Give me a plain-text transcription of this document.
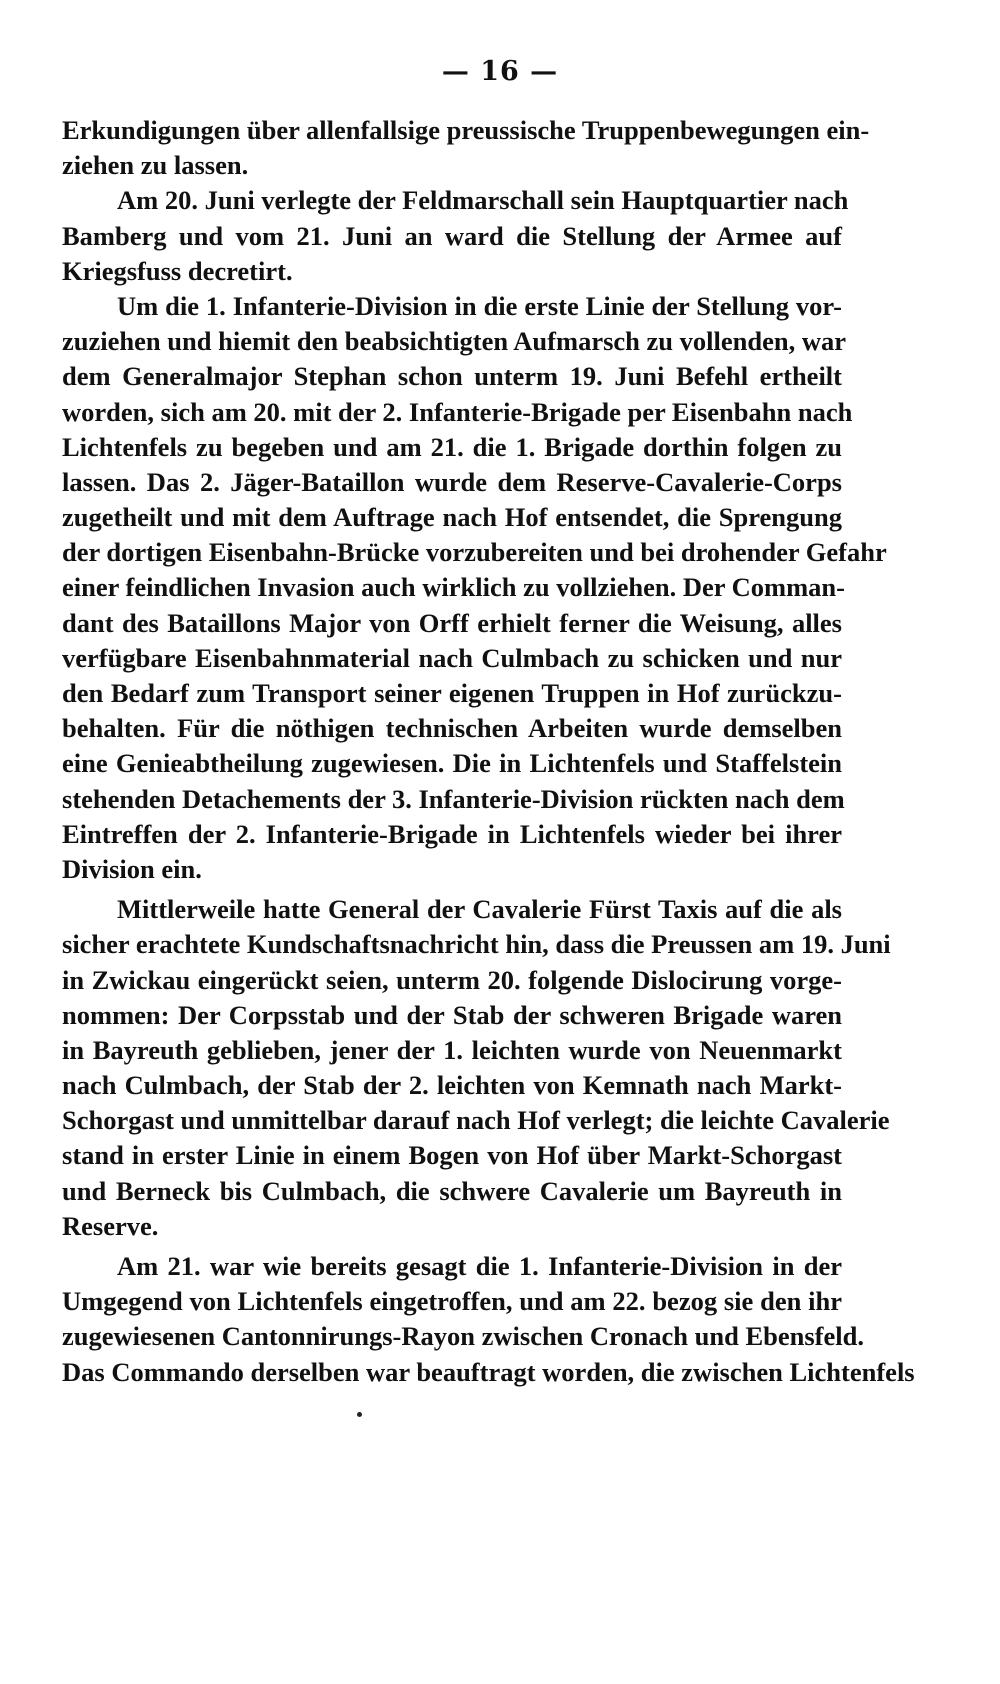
— 16 —
Erkundigungen über allenfallsige preussische Truppenbewegungen ein-
ziehen zu lassen.
Am 20. Juni verlegte der Feldmarschall sein Hauptquartier nach
Bamberg und vom 21. Juni an ward die Stellung der Armee auf
Kriegsfuss decretirt.
Um die 1. Infanterie-Division in die erste Linie der Stellung vor-
zuziehen und hiemit den beabsichtigten Aufmarsch zu vollenden, war
dem Generalmajor Stephan schon unterm 19. Juni Befehl ertheilt
worden, sich am 20. mit der 2. Infanterie-Brigade per Eisenbahn nach
Lichtenfels zu begeben und am 21. die 1. Brigade dorthin folgen zu
lassen. Das 2. Jäger-Bataillon wurde dem Reserve-Cavalerie-Corps
zugetheilt und mit dem Auftrage nach Hof entsendet, die Sprengung
der dortigen Eisenbahn-Brücke vorzubereiten und bei drohender Gefahr
einer feindlichen Invasion auch wirklich zu vollziehen. Der Comman-
dant des Bataillons Major von Orff erhielt ferner die Weisung, alles
verfügbare Eisenbahnmaterial nach Culmbach zu schicken und nur
den Bedarf zum Transport seiner eigenen Truppen in Hof zurückzu-
behalten. Für die nöthigen technischen Arbeiten wurde demselben
eine Genieabtheilung zugewiesen. Die in Lichtenfels und Staffelstein
stehenden Detachements der 3. Infanterie-Division rückten nach dem
Eintreffen der 2. Infanterie-Brigade in Lichtenfels wieder bei ihrer
Division ein.
Mittlerweile hatte General der Cavalerie Fürst Taxis auf die als
sicher erachtete Kundschaftsnachricht hin, dass die Preussen am 19. Juni
in Zwickau eingerückt seien, unterm 20. folgende Dislocirung vorge-
nommen: Der Corpsstab und der Stab der schweren Brigade waren
in Bayreuth geblieben, jener der 1. leichten wurde von Neuenmarkt
nach Culmbach, der Stab der 2. leichten von Kemnath nach Markt-
Schorgast und unmittelbar darauf nach Hof verlegt; die leichte Cavalerie
stand in erster Linie in einem Bogen von Hof über Markt-Schorgast
und Berneck bis Culmbach, die schwere Cavalerie um Bayreuth in
Reserve.
Am 21. war wie bereits gesagt die 1. Infanterie-Division in der
Umgegend von Lichtenfels eingetroffen, und am 22. bezog sie den ihr
zugewiesenen Cantonnirungs-Rayon zwischen Cronach und Ebensfeld.
Das Commando derselben war beauftragt worden, die zwischen Lichtenfels
